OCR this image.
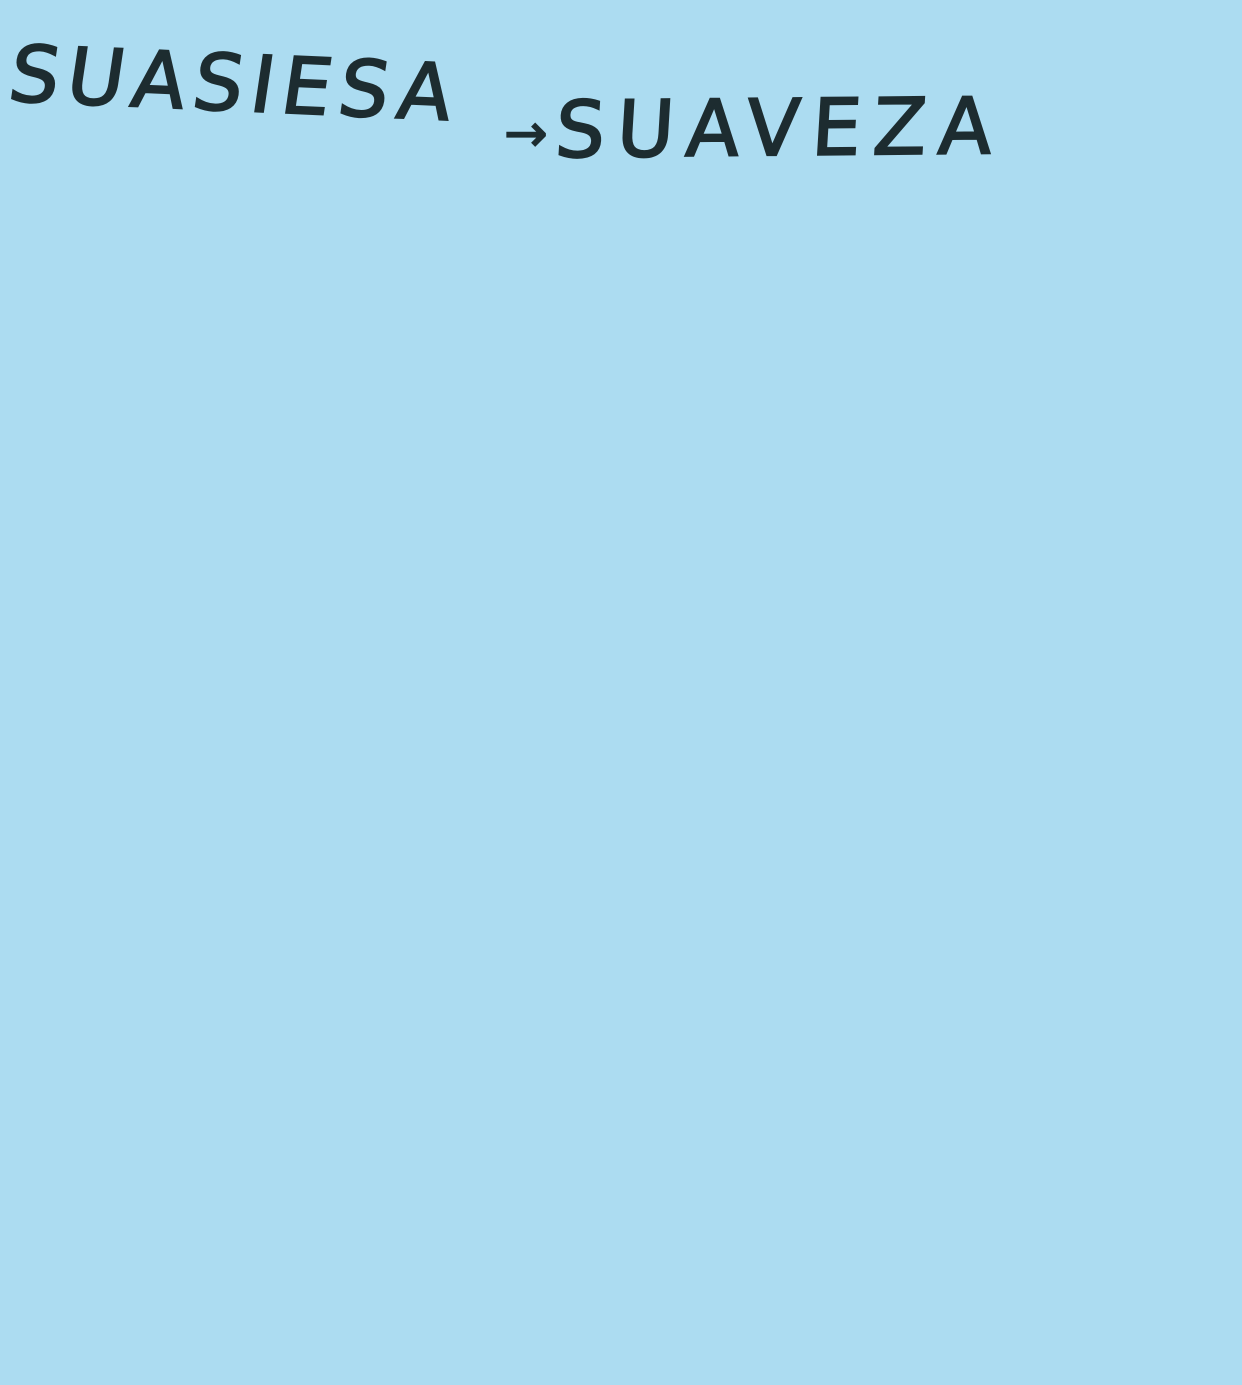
SUASIESA →
SUAVEZA
